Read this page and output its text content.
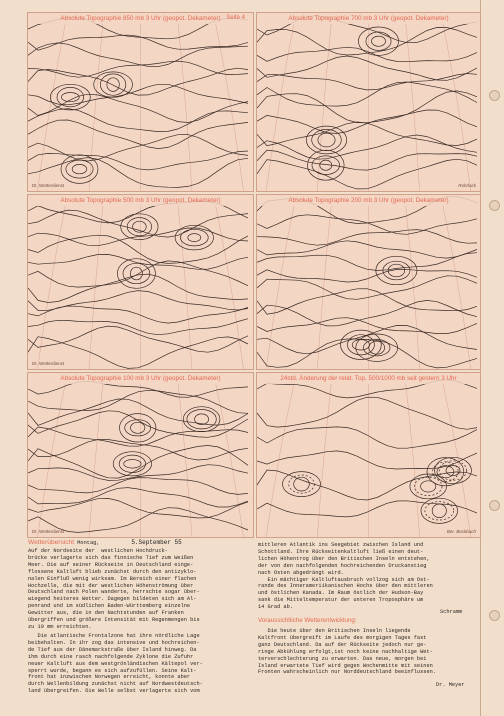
Absolute Topographie 850 mb 3 Uhr (geopot. Dekameter) Seite 4
Dt. Wetterdienst
Absolute Topographie 700 mb 3 Uhr (geopot. Dekameter)
Rohrlack
Absolute Topographie 500 mb 3 Uhr (geopot. Dekameter)
Dt. Wetterdienst
Absolute Topographie 200 mb 3 Uhr (geopot. Dekameter)
Absolute Topographie 100 mb 3 Uhr (geopot. Dekameter)
Dt. Wetterdienst
24std. Änderung der relat. Top. 500/1000 mb seit gestern 3 Uhr
Ber. Beckbach
Wetterübersicht Montag,	5.September 55
Auf der Nordseite der  westlichen Hochdruck-
brücke verlagerte sich das finnische Tief zum Weißen
Meer. Die auf seiner Rückseite in Deutschland einge-
flossene Kaltluft blieb zunächst durch den antizyklo-
nalen Einfluß wenig wirksam. Im Bereich einer flachen
Hochzelle, die mit der westlichen Höhenströmung über
Deutschland nach Polen wanderte, herrschte sogar über-
wiegend heiteres Wetter. Dagegen bildeten sich am Al-
penrand und im südlichen Baden-Württemberg einzelne
Gewitter aus, die in den Nachtstunden auf Franken
übergriffen und größere Intensität mit Regenmengen bis
zu 19 mm erreichten.
Die atlantische Frontalzone hat ihre nördliche Lage
beibehalten. In ihr zog das intensive und hochreichen-
de Tief aus der Dänemarkstraße über Island hinweg. Da
ihm durch eine rasch nachfolgende Zyklone die Zufuhr
neuer Kaltluft aus dem westgrönländischen Kältepol ver-
sperrt wurde, begann es sich aufzufüllen. Seine Kalt-
front hat inzwischen Norwegen erreicht, konnte aber
durch Wellenbildung zunächst nicht auf Nordwestdeutsch-
land übergreifen. Die Welle selbst verlagerte sich vom
mittleren Atlantik ins Seegebiet zwischen Island und
Schottland. Ihre Rückseitenkaltluft ließ einen deut-
lichen Höhentrog über den Britischen Inseln entstehen,
der von den nachfolgenden hochreichenden Druckanstieg
nach Osten abgedrängt wird.
Ein mächtiger Kaltluftausbruch vollzog sich am Ost-
rande des Innerameriikanischen Hochs über den mittleren
und östlichen Kanada. Im Raum östlich der Hudson-Bay
sank die Mitteltemperatur der unteren Troposphäre um
14 Grad ab.
Schramm
Voraussichtliche Wetterentwicklung:
Die heute über den Britischen Inseln liegende
Kaltfront übergreift im Laufe des morgigen Tages fast
ganz Deutschland. Da auf der Rückseite jedoch nur ge-
ringe Abkühlung erfolgt,ist noch keine nachhaltige Wet-
terverschlechterung zu erwarten. Das neue, morgen bei
Island erwartete Tief wird gegen Wochenmitte mit seinen
Fronten wahrscheinlich nur Norddeutschland beeinflussen.
Dr. Meyer
